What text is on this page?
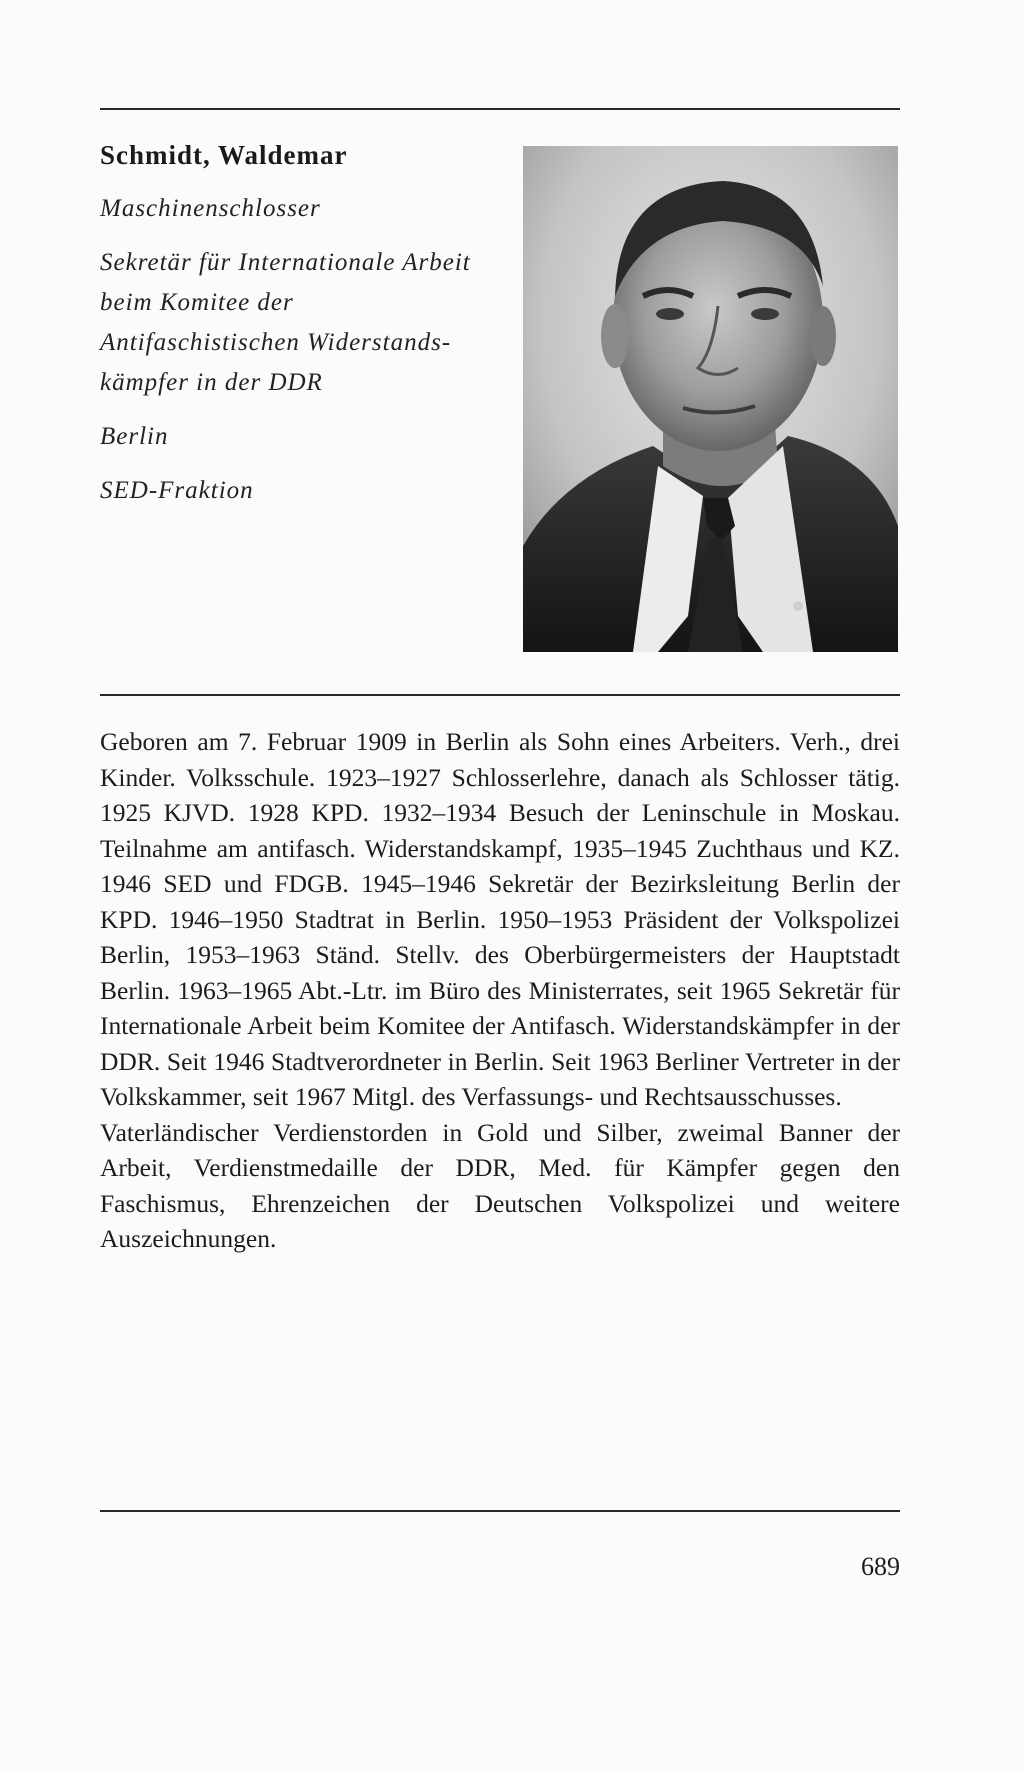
Schmidt, Waldemar
Maschinenschlosser
Sekretär für Internationale Arbeit
beim Komitee der
Antifaschistischen Widerstands-
kämpfer in der DDR
Berlin
SED-Fraktion

Geboren am 7. Februar 1909 in Berlin als Sohn eines Arbeiters. Verh., drei Kinder. Volksschule. 1923–1927 Schlosserlehre, danach als Schlosser tätig. 1925 KJVD. 1928 KPD. 1932–1934 Besuch der Leninschule in Moskau. Teilnahme am antifasch. Widerstandskampf, 1935–1945 Zuchthaus und KZ. 1946 SED und FDGB. 1945–1946 Sekretär der Bezirksleitung Berlin der KPD. 1946–1950 Stadtrat in Berlin. 1950–1953 Präsident der Volkspolizei Berlin, 1953–1963 Ständ. Stellv. des Oberbürgermeisters der Hauptstadt Berlin. 1963–1965 Abt.-Ltr. im Büro des Ministerrates, seit 1965 Sekretär für Internationale Arbeit beim Komitee der Antifasch. Widerstandskämpfer in der DDR. Seit 1946 Stadtverordneter in Berlin. Seit 1963 Berliner Vertreter in der Volkskammer, seit 1967 Mitgl. des Verfassungs- und Rechtsausschusses.

Vaterländischer Verdienstorden in Gold und Silber, zweimal Banner der Arbeit, Verdienstmedaille der DDR, Med. für Kämpfer gegen den Faschismus, Ehrenzeichen der Deutschen Volkspolizei und weitere Auszeichnungen.

689
